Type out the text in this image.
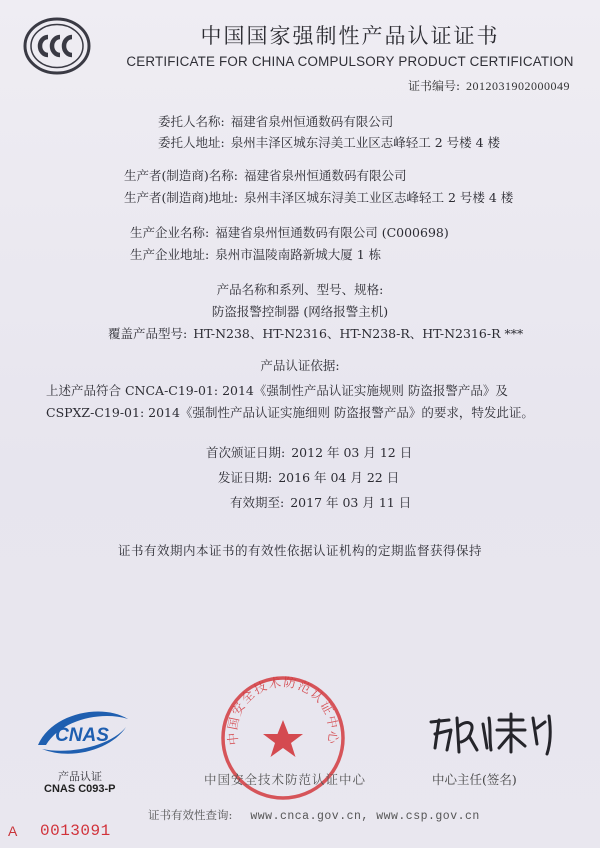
中国国家强制性产品认证证书
CERTIFICATE FOR CHINA COMPULSORY PRODUCT CERTIFICATION
证书编号: 2012031902000049
委托人名称: 福建省泉州恒通数码有限公司
委托人地址: 泉州丰泽区城东浔美工业区志峰轻工 2 号楼 4 楼
生产者(制造商)名称: 福建省泉州恒通数码有限公司
生产者(制造商)地址: 泉州丰泽区城东浔美工业区志峰轻工 2 号楼 4 楼
生产企业名称: 福建省泉州恒通数码有限公司 (C000698)
生产企业地址: 泉州市温陵南路新城大厦 1 栋
产品名称和系列、型号、规格:
防盗报警控制器 (网络报警主机)
覆盖产品型号: HT-N238、HT-N2316、HT-N238-R、HT-N2316-R ***
产品认证依据:
上述产品符合 CNCA-C19-01: 2014《强制性产品认证实施规则 防盗报警产品》及
CSPXZ-C19-01: 2014《强制性产品认证实施细则 防盗报警产品》的要求，特发此证。
首次颁证日期: 2012 年 03 月 12 日
发证日期: 2016 年 04 月 22 日
有效期至: 2017 年 03 月 11 日
证书有效期内本证书的有效性依据认证机构的定期监督获得保持
CNAS
产品认证
CNAS C093-P
中国安全技术防范认证中心
中国安全技术防范认证中心	中心主任(签名)
证书有效性查询: www.cnca.gov.cn, www.csp.gov.cn
A 0013091
